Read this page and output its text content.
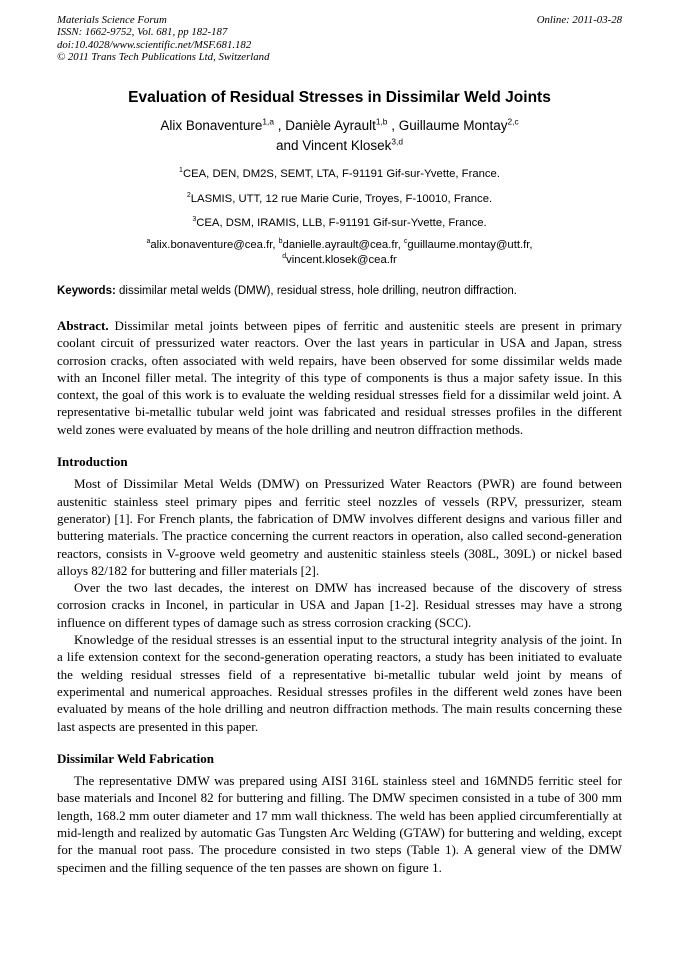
Materials Science Forum
ISSN: 1662-9752, Vol. 681, pp 182-187
doi:10.4028/www.scientific.net/MSF.681.182
© 2011 Trans Tech Publications Ltd, Switzerland
Online: 2011-03-28
Evaluation of Residual Stresses in Dissimilar Weld Joints
Alix Bonaventure$^{1,a}$ , Danièle Ayrault$^{1,b}$ , Guillaume Montay$^{2,c}$
and Vincent Klosek$^{3,d}$
$^1$CEA, DEN, DM2S, SEMT, LTA, F-91191 Gif-sur-Yvette, France.
$^2$LASMIS, UTT, 12 rue Marie Curie, Troyes, F-10010, France.
$^3$CEA, DSM, IRAMIS, LLB, F-91191 Gif-sur-Yvette, France.
$^a$alix.bonaventure@cea.fr, $^b$danielle.ayrault@cea.fr, $^c$guillaume.montay@utt.fr,
$^d$vincent.klosek@cea.fr

Keywords: dissimilar metal welds (DMW), residual stress, hole drilling, neutron diffraction.

Abstract. Dissimilar metal joints between pipes of ferritic and austenitic steels are present in primary coolant circuit of pressurized water reactors. Over the last years in particular in USA and Japan, stress corrosion cracks, often associated with weld repairs, have been observed for some dissimilar welds made with an Inconel filler metal. The integrity of this type of components is thus a major safety issue. In this context, the goal of this work is to evaluate the welding residual stresses field for a dissimilar weld joint. A representative bi-metallic tubular weld joint was fabricated and residual stresses profiles in the different weld zones were evaluated by means of the hole drilling and neutron diffraction methods.

Introduction

Most of Dissimilar Metal Welds (DMW) on Pressurized Water Reactors (PWR) are found between austenitic stainless steel primary pipes and ferritic steel nozzles of vessels (RPV, pressurizer, steam generator) [1]. For French plants, the fabrication of DMW involves different designs and various filler and buttering materials. The practice concerning the current reactors in operation, also called second-generation reactors, consists in V-groove weld geometry and austenitic stainless steels (308L, 309L) or nickel based alloys 82/182 for buttering and filler materials [2].

Over the two last decades, the interest on DMW has increased because of the discovery of stress corrosion cracks in Inconel, in particular in USA and Japan [1-2]. Residual stresses may have a strong influence on different types of damage such as stress corrosion cracking (SCC).

Knowledge of the residual stresses is an essential input to the structural integrity analysis of the joint. In a life extension context for the second-generation operating reactors, a study has been initiated to evaluate the welding residual stresses field of a representative bi-metallic tubular weld joint by means of experimental and numerical approaches. Residual stresses profiles in the different weld zones have been evaluated by means of the hole drilling and neutron diffraction methods. The main results concerning these last aspects are presented in this paper.

Dissimilar Weld Fabrication

The representative DMW was prepared using AISI 316L stainless steel and 16MND5 ferritic steel for base materials and Inconel 82 for buttering and filling. The DMW specimen consisted in a tube of 300 mm length, 168.2 mm outer diameter and 17 mm wall thickness. The weld has been applied circumferentially at mid-length and realized by automatic Gas Tungsten Arc Welding (GTAW) for buttering and welding, except for the manual root pass. The procedure consisted in two steps (Table 1). A general view of the DMW specimen and the filling sequence of the ten passes are shown on figure 1.
